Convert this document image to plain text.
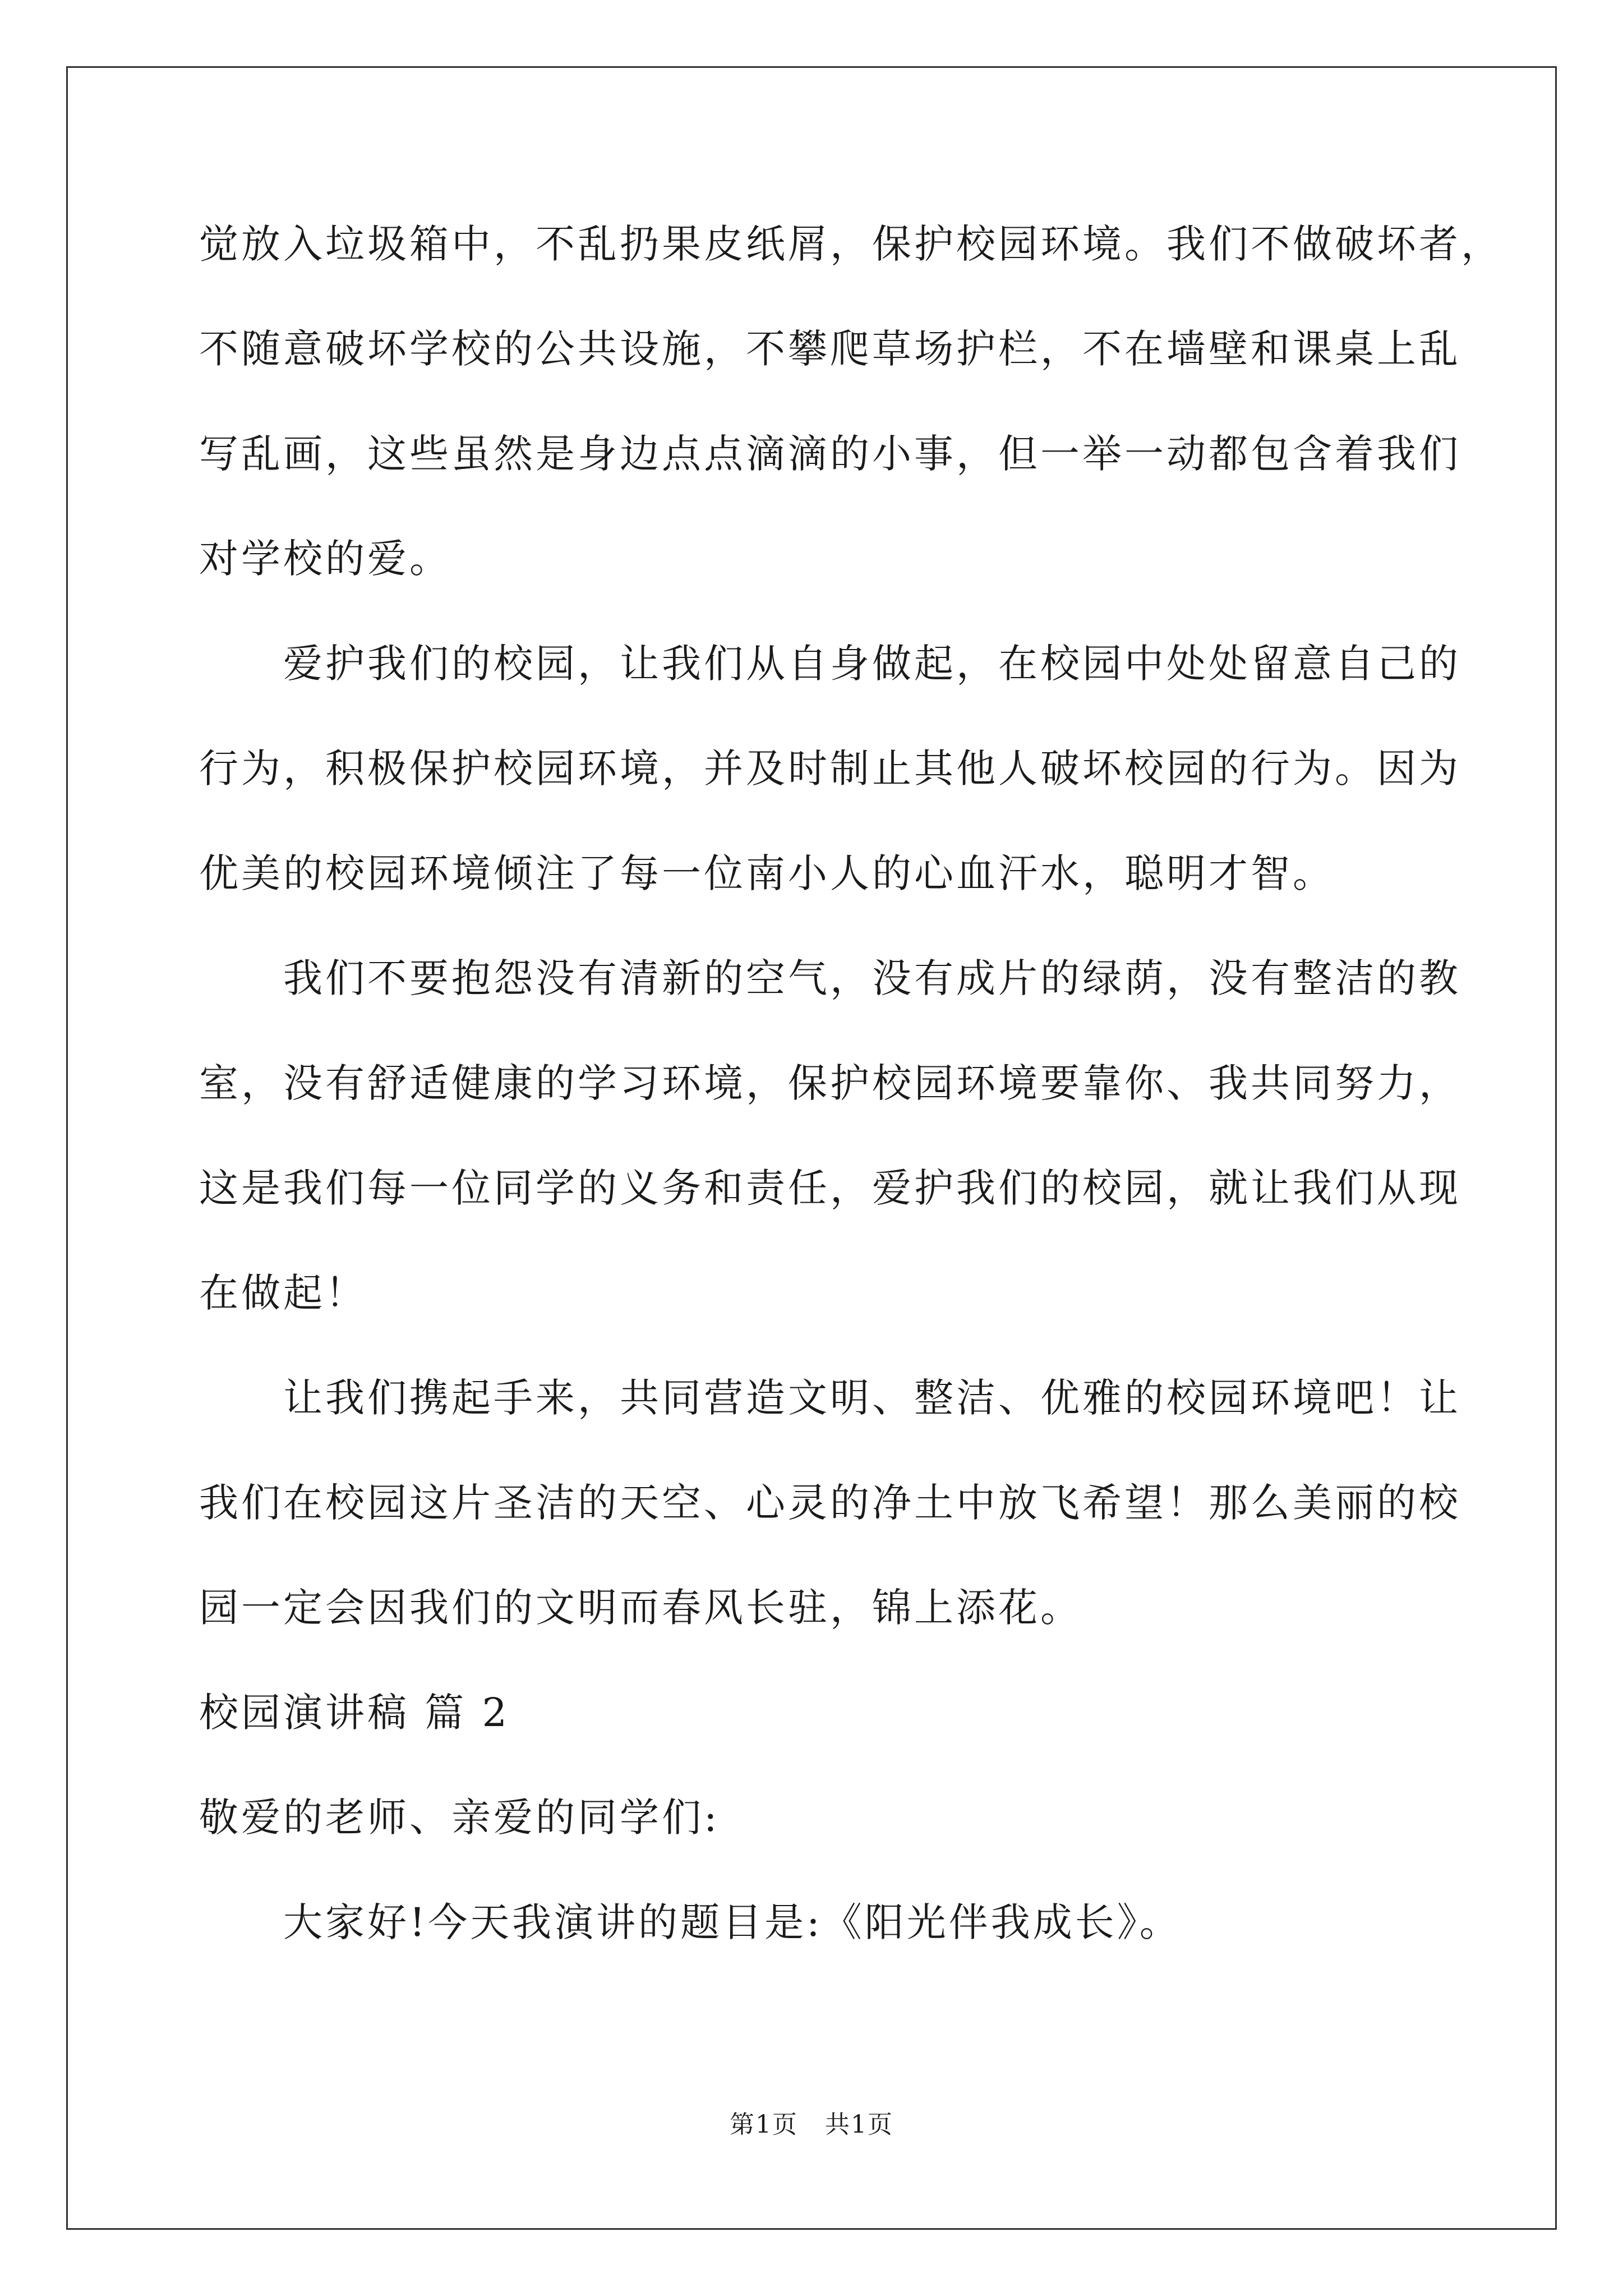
觉放入垃圾箱中，不乱扔果皮纸屑，保护校园环境。我们不做破坏者，
不随意破坏学校的公共设施，不攀爬草场护栏，不在墙壁和课桌上乱
写乱画，这些虽然是身边点点滴滴的小事，但一举一动都包含着我们
对学校的爱。
爱护我们的校园，让我们从自身做起，在校园中处处留意自己的
行为，积极保护校园环境，并及时制止其他人破坏校园的行为。因为
优美的校园环境倾注了每一位南小人的心血汗水，聪明才智。
我们不要抱怨没有清新的空气，没有成片的绿荫，没有整洁的教
室，没有舒适健康的学习环境，保护校园环境要靠你、我共同努力，
这是我们每一位同学的义务和责任，爱护我们的校园，就让我们从现
在做起！
让我们携起手来，共同营造文明、整洁、优雅的校园环境吧！让
我们在校园这片圣洁的天空、心灵的净土中放飞希望！那么美丽的校
园一定会因我们的文明而春风长驻，锦上添花。
校园演讲稿 篇 2
敬爱的老师、亲爱的同学们:
大家好!今天我演讲的题目是:《阳光伴我成长》。
第1页   共1页
